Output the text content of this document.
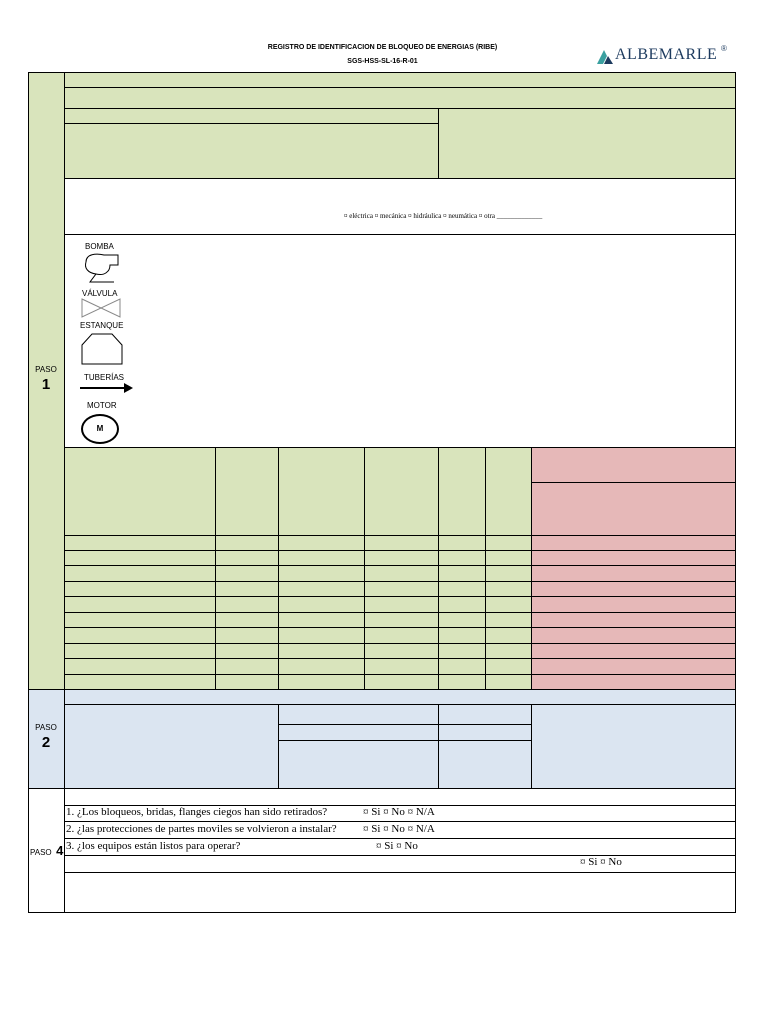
REGISTRO DE IDENTIFICACION DE BLOQUEO DE ENERGIAS (RIBE)
SGS-HSS-SL-16-R-01	ALBEMARLE ®
PASO
1
PASO
2
PASO 4
¤ eléctrica ¤ mecánica ¤ hidráulica ¤ neumática ¤ otra _____________
BOMBA
VÁLVULA
ESTANQUE
TUBERÍAS
MOTOR
M
1. ¿Los bloqueos, bridas, flanges ciegos han sido retirados?	¤ Si ¤ No ¤ N/A
2. ¿las protecciones de partes moviles se volvieron a instalar? ¤ Si ¤ No ¤ N/A
3. ¿los equipos están listos para operar?	¤ Si ¤ No
¤ Si ¤ No
